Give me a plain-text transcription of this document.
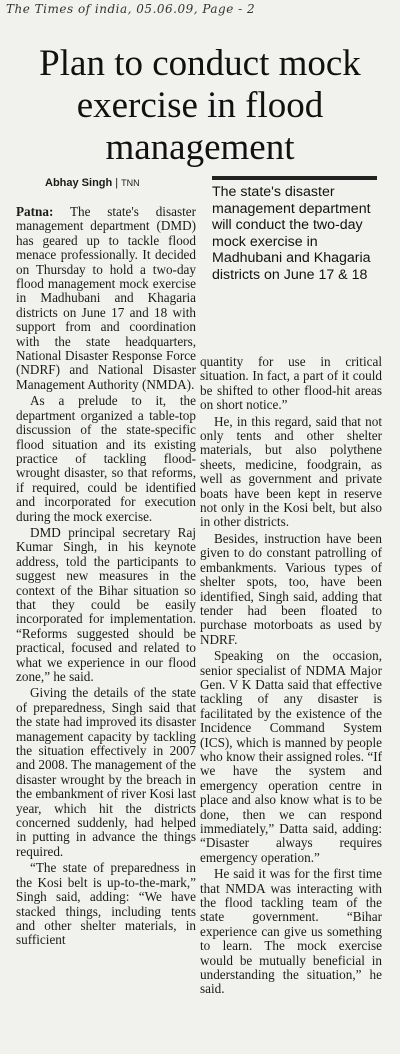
The Times of india, 05.06.09, Page - 2
Plan to conduct mock exercise in flood management
Abhay Singh | TNN
The state's disaster management department will conduct the two-day mock exercise in Madhubani and Khagaria districts on June 17 & 18

Patna: The state's disaster management department (DMD) has geared up to tackle flood menace professionally. It decided on Thursday to hold a two-day flood management mock exercise in Madhubani and Khagaria districts on June 17 and 18 with support from and coordination with the state headquarters, National Disaster Response Force (NDRF) and National Disaster Management Authority (NMDA).

As a prelude to it, the department organized a table-top discussion of the state-specific flood situation and its existing practice of tackling flood-wrought disaster, so that reforms, if required, could be identified and incorporated for execution during the mock exercise.

DMD principal secretary Raj Kumar Singh, in his keynote address, told the participants to suggest new measures in the context of the Bihar situation so that they could be easily incorporated for implementation. “Reforms suggested should be practical, focused and related to what we experience in our flood zone,” he said.

Giving the details of the state of preparedness, Singh said that the state had improved its disaster management capacity by tackling the situation effectively in 2007 and 2008. The management of the disaster wrought by the breach in the embankment of river Kosi last year, which hit the districts concerned suddenly, had helped in putting in advance the things required.

“The state of preparedness in the Kosi belt is up-to-the-mark,” Singh said, adding: “We have stacked things, including tents and other shelter materials, in sufficient

quantity for use in critical situation. In fact, a part of it could be shifted to other flood-hit areas on short notice.”

He, in this regard, said that not only tents and other shelter materials, but also polythene sheets, medicine, foodgrain, as well as government and private boats have been kept in reserve not only in the Kosi belt, but also in other districts.

Besides, instruction have been given to do constant patrolling of embankments. Various types of shelter spots, too, have been identified, Singh said, adding that tender had been floated to purchase motorboats as used by NDRF.

Speaking on the occasion, senior specialist of NDMA Major Gen. V K Datta said that effective tackling of any disaster is facilitated by the existence of the Incidence Command System (ICS), which is manned by people who know their assigned roles. “If we have the system and emergency operation centre in place and also know what is to be done, then we can respond immediately,” Datta said, adding: “Disaster always requires emergency operation.”

He said it was for the first time that NMDA was interacting with the flood tackling team of the state government. “Bihar experience can give us something to learn. The mock exercise would be mutually beneficial in understanding the situation,” he said.
